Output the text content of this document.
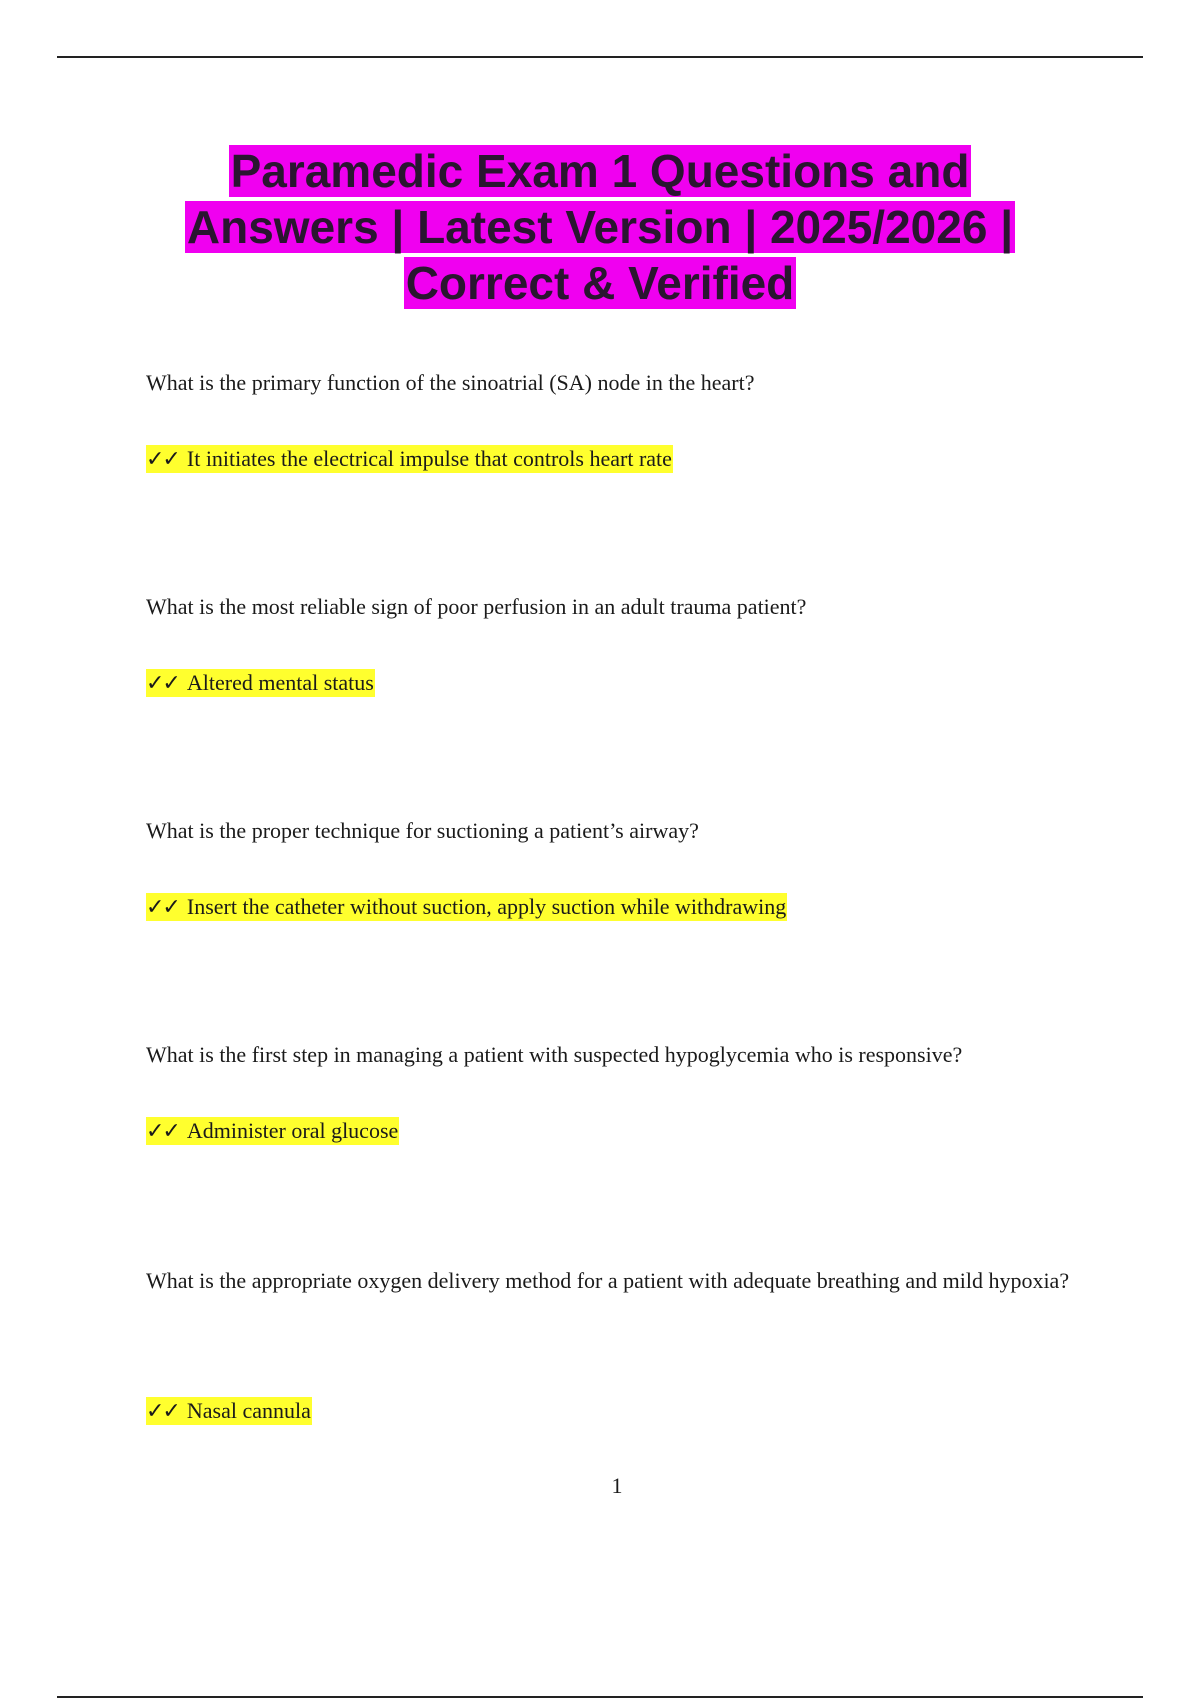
Paramedic Exam 1 Questions and
Answers | Latest Version | 2025/2026 |
Correct & Verified

What is the primary function of the sinoatrial (SA) node in the heart?

✓✓ It initiates the electrical impulse that controls heart rate

What is the most reliable sign of poor perfusion in an adult trauma patient?

✓✓ Altered mental status

What is the proper technique for suctioning a patient’s airway?

✓✓ Insert the catheter without suction, apply suction while withdrawing

What is the first step in managing a patient with suspected hypoglycemia who is responsive?

✓✓ Administer oral glucose

What is the appropriate oxygen delivery method for a patient with adequate breathing and mild hypoxia?

✓✓ Nasal cannula

1
